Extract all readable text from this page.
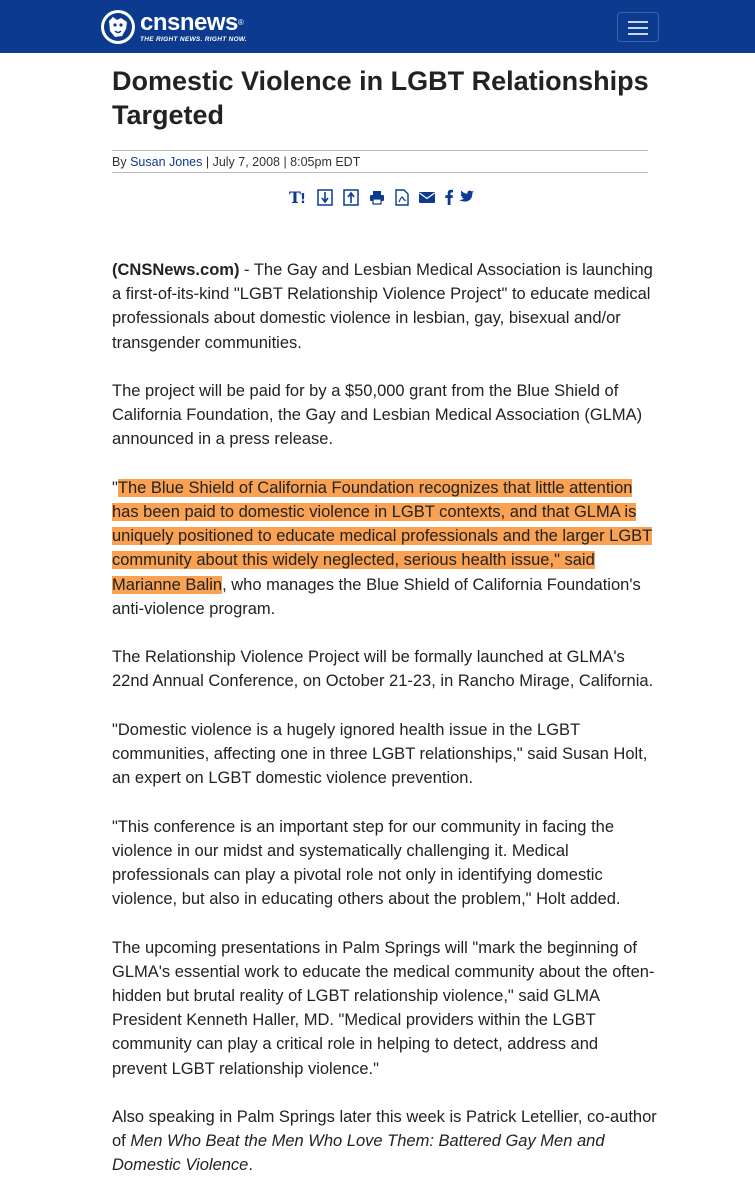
cnsnews®
THE RIGHT NEWS. RIGHT NOW.
Domestic Violence in LGBT Relationships Targeted
By Susan Jones | July 7, 2008 | 8:05pm EDT
T !

(CNSNews.com) - The Gay and Lesbian Medical Association is launching a first-of-its-kind "LGBT Relationship Violence Project" to educate medical professionals about domestic violence in lesbian, gay, bisexual and/or transgender communities.

The project will be paid for by a $50,000 grant from the Blue Shield of California Foundation, the Gay and Lesbian Medical Association (GLMA) announced in a press release.

"The Blue Shield of California Foundation recognizes that little attention has been paid to domestic violence in LGBT contexts, and that GLMA is uniquely positioned to educate medical professionals and the larger LGBT community about this widely neglected, serious health issue," said Marianne Balin, who manages the Blue Shield of California Foundation's anti-violence program.

The Relationship Violence Project will be formally launched at GLMA's 22nd Annual Conference, on October 21-23, in Rancho Mirage, California.

"Domestic violence is a hugely ignored health issue in the LGBT communities, affecting one in three LGBT relationships," said Susan Holt, an expert on LGBT domestic violence prevention.

"This conference is an important step for our community in facing the violence in our midst and systematically challenging it. Medical professionals can play a pivotal role not only in identifying domestic violence, but also in educating others about the problem," Holt added.

The upcoming presentations in Palm Springs will "mark the beginning of GLMA's essential work to educate the medical community about the often-hidden but brutal reality of LGBT relationship violence," said GLMA President Kenneth Haller, MD. "Medical providers within the LGBT community can play a critical role in helping to detect, address and prevent LGBT relationship violence."

Also speaking in Palm Springs later this week is Patrick Letellier, co-author of Men Who Beat the Men Who Love Them: Battered Gay Men and Domestic Violence.
